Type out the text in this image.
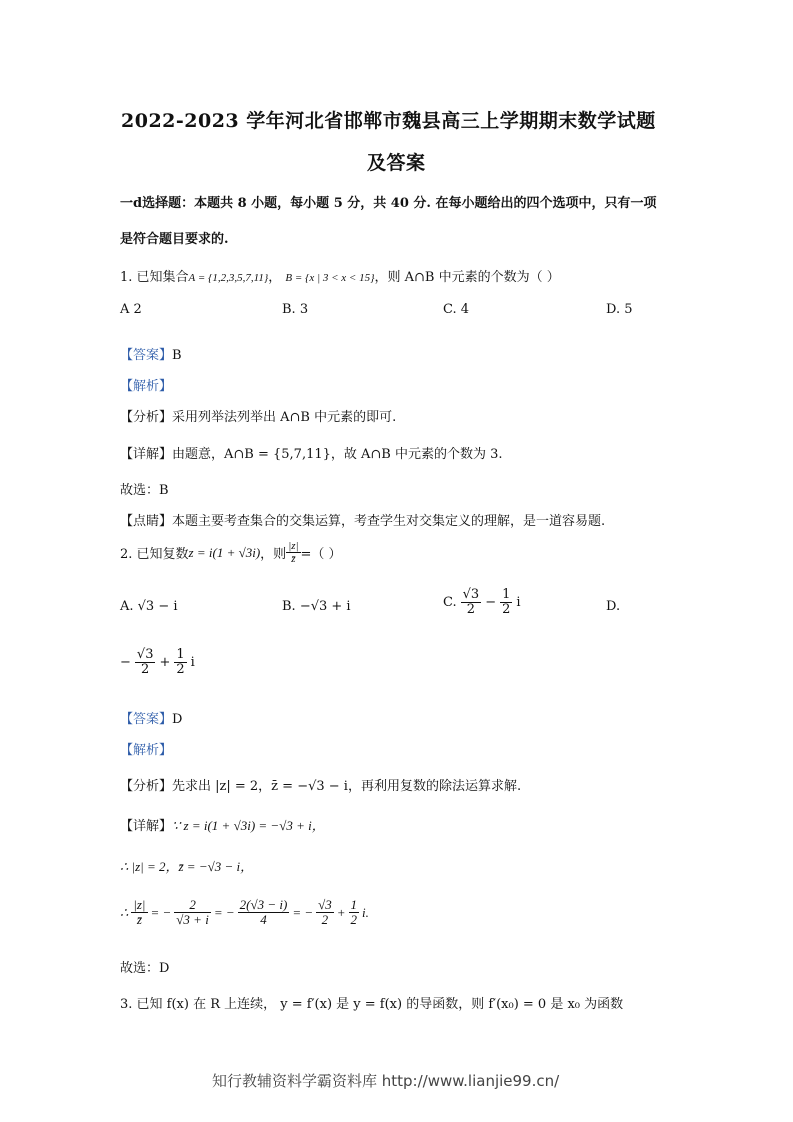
2022-2023 学年河北省邯郸市魏县高三上学期期末数学试题
及答案
一d选择题：本题共 8 小题，每小题 5 分，共 40 分. 在每小题给出的四个选项中，只有一项
是符合题目要求的.
1. 已知集合A = {1,2,3,5,7,11}， B = {x | 3 < x < 15}，则 A∩B 中元素的个数为（ ）
A 2	B. 3	C. 4	D. 5
【答案】B
【解析】
【分析】采用列举法列举出 A∩B 中元素的即可.
【详解】由题意，A∩B = {5,7,11}，故 A∩B 中元素的个数为 3.
故选：B
【点睛】本题主要考查集合的交集运算，考查学生对交集定义的理解，是一道容易题.
2. 已知复数 z = i(1 + √3i) ，则 $\frac{|z|}{z̄}$ =（ ）
A. √3 − i	B. −√3 + i	C. $\frac{√3}{2} - \frac{1}{2}$ i	D.
− $\frac{√3}{2} + \frac{1}{2}$ i
【答案】D
【解析】
【分析】先求出 |z| = 2，z̄ = −√3 − i，再利用复数的除法运算求解.
【详解】∵ z = i(1 + √3i) = −√3 + i，
∴ |z| = 2，z̄ = −√3 − i，
∴ $\frac{|z|}{z̄}$ = − $\frac{2}{√3 + i}$ = − $\frac{2(√3 - i)}{4}$ = − $\frac{√3}{2} + \frac{1}{2} i$.
故选：D
3. 已知 f(x) 在 R 上连续， y = f′(x) 是 y = f(x) 的导函数，则 f′(x₀) = 0 是 x₀ 为函数
知行教辅资料学霸资料库 http://www.lianjie99.cn/
